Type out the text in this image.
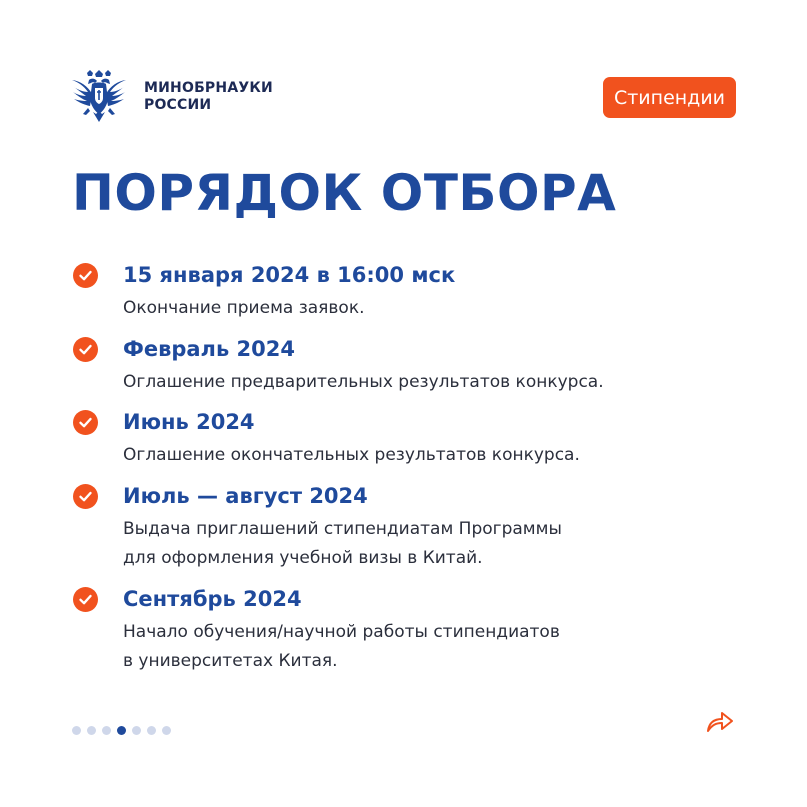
МИНОБРНАУКИ
РОССИИ	Стипендии
ПОРЯДОК ОТБОРА
15 января 2024 в 16:00 мск
Окончание приема заявок.
Февраль 2024
Оглашение предварительных результатов конкурса.
Июнь 2024
Оглашение окончательных результатов конкурса.
Июль — август 2024
Выдача приглашений стипендиатам Программы
для оформления учебной визы в Китай.
Сентябрь 2024
Начало обучения/научной работы стипендиатов
в университетах Китая.
